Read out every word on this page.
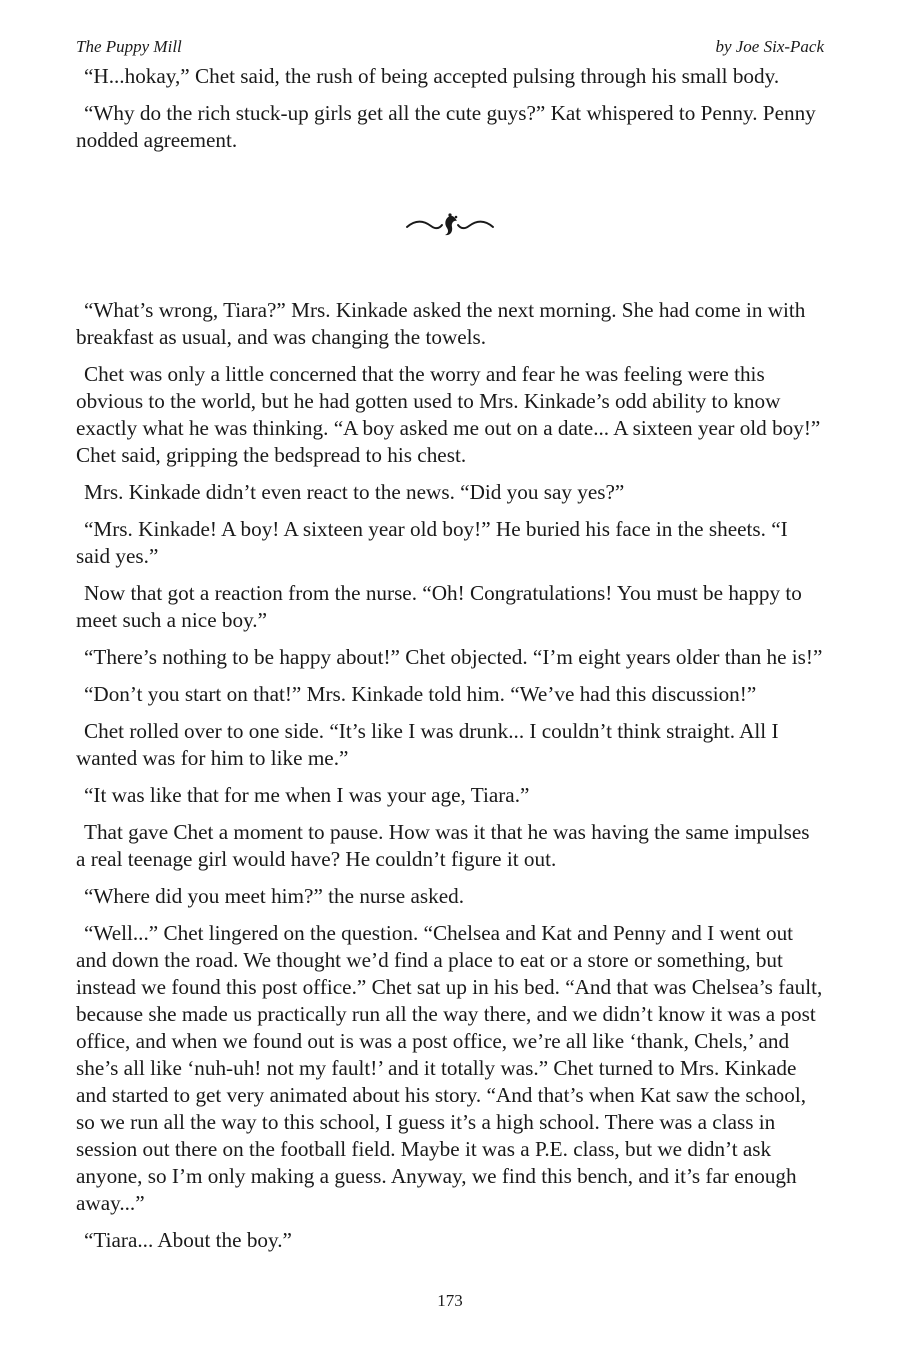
The Puppy Mill	by Joe Six-Pack

“H...hokay,” Chet said, the rush of being accepted pulsing through his small body.

“Why do the rich stuck-up girls get all the cute guys?” Kat whispered to Penny. Penny nodded agreement.

“What’s wrong, Tiara?” Mrs. Kinkade asked the next morning. She had come in with breakfast as usual, and was changing the towels.

Chet was only a little concerned that the worry and fear he was feeling were this obvious to the world, but he had gotten used to Mrs. Kinkade’s odd ability to know exactly what he was thinking. “A boy asked me out on a date... A sixteen year old boy!” Chet said, gripping the bedspread to his chest.

Mrs. Kinkade didn’t even react to the news. “Did you say yes?”

“Mrs. Kinkade! A boy! A sixteen year old boy!” He buried his face in the sheets. “I said yes.”

Now that got a reaction from the nurse. “Oh! Congratulations! You must be happy to meet such a nice boy.”

“There’s nothing to be happy about!” Chet objected. “I’m eight years older than he is!”

“Don’t you start on that!” Mrs. Kinkade told him. “We’ve had this discussion!”

Chet rolled over to one side. “It’s like I was drunk... I couldn’t think straight. All I wanted was for him to like me.”

“It was like that for me when I was your age, Tiara.”

That gave Chet a moment to pause. How was it that he was having the same impulses a real teenage girl would have? He couldn’t figure it out.

“Where did you meet him?” the nurse asked.

“Well...” Chet lingered on the question. “Chelsea and Kat and Penny and I went out and down the road. We thought we’d find a place to eat or a store or something, but instead we found this post office.” Chet sat up in his bed. “And that was Chelsea’s fault, because she made us practically run all the way there, and we didn’t know it was a post office, and when we found out is was a post office, we’re all like ‘thank, Chels,’ and she’s all like ‘nuh-uh! not my fault!’ and it totally was.” Chet turned to Mrs. Kinkade and started to get very animated about his story. “And that’s when Kat saw the school, so we run all the way to this school, I guess it’s a high school. There was a class in session out there on the football field. Maybe it was a P.E. class, but we didn’t ask anyone, so I’m only making a guess. Anyway, we find this bench, and it’s far enough away...”

“Tiara... About the boy.”

173
